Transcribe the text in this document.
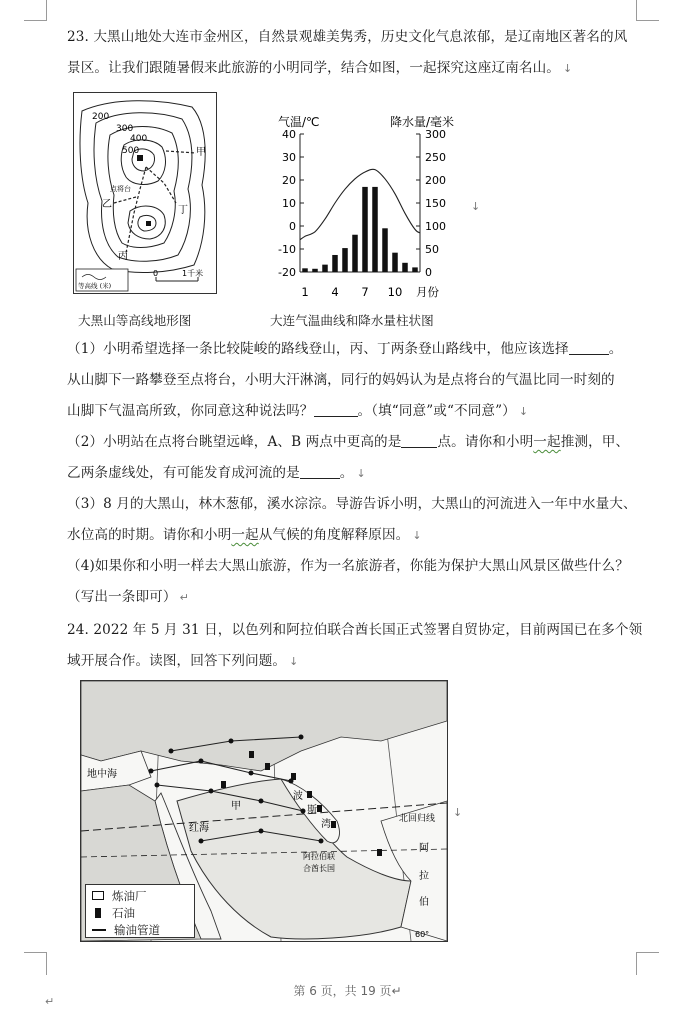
23. 大黑山地处大连市金州区，自然景观雄美隽秀，历史文化气息浓郁，是辽南地区著名的风
景区。让我们跟随暑假来此旅游的小明同学，结合如图，一起探究这座辽南名山。 ↓
200
300
400
500	甲
乙
丙
丁
点将台
等高线 (米)
0	1千米
大黑山等高线地形图
-20
-10
0
10
20
30
40
0
50
100
150
200
250
300
1 4 7 10 月份
气温/℃	降水量/毫米
↓
大连气温曲线和降水量柱状图
（1）小明希望选择一条比较陡峻的路线登山，丙、丁两条登山路线中，他应该选择	。
从山脚下一路攀登至点将台，小明大汗淋漓，同行的妈妈认为是点将台的气温比同一时刻的
山脚下气温高所致，你同意这种说法吗？	。（填“同意”或“不同意”） ↓
（2）小明站在点将台眺望远峰，A、B 两点中更高的是	点。请你和小明一起推测，甲、
乙两条虚线处，有可能发育成河流的是	。 ↓
（3）8 月的大黑山，林木葱郁，溪水淙淙。导游告诉小明，大黑山的河流进入一年中水量大、
水位高的时期。请你和小明一起从气候的角度解释原因。 ↓
（4)如果你和小明一样去大黑山旅游，作为一名旅游者，你能为保护大黑山风景区做些什么？
（写出一条即可） ↵
24. 2022 年 5 月 31 日，以色列和阿拉伯联合酋长国正式签署自贸协定，目前两国已在多个领
域开展合作。读图，回答下列问题。 ↓
地中海
甲
红海
波
斯
湾
阿拉伯联
合酋长国
阿
拉
伯
北回归线
60°
炼油厂
石油
输油管道
↓
第 6 页，共 19 页↵
↵
